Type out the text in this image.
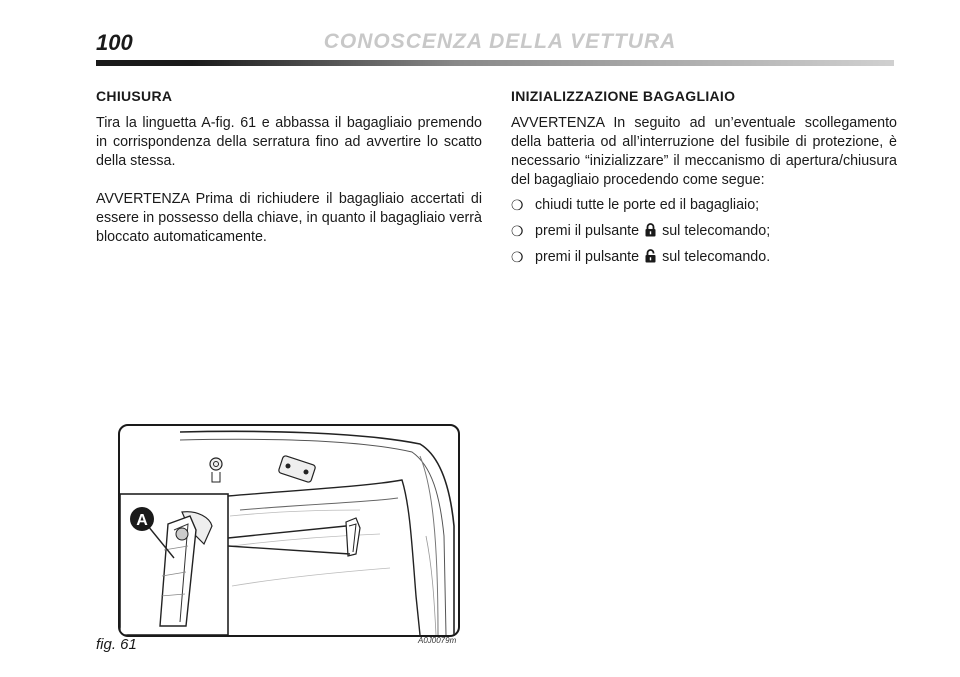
100	CONOSCENZA DELLA VETTURA
CHIUSURA

Tira la linguetta A-fig. 61 e abbassa il bagagliaio premendo in corrispondenza della serratura fino ad avvertire lo scatto della stessa.

AVVERTENZA Prima di richiudere il bagagliaio accertati di essere in possesso della chiave, in quanto il bagagliaio verrà bloccato automaticamente.

INIZIALIZZAZIONE BAGAGLIAIO

AVVERTENZA In seguito ad un’eventuale scollegamento della batteria od all’interruzione del fusibile di protezione, è necessario “inizializzare” il meccanismo di apertura/chiusura del bagagliaio procedendo come segue:

❍ chiudi tutte le porte ed il bagagliaio;
❍ premi il pulsante sul telecomando;
❍ premi il pulsante sul telecomando.
A
fig. 61	A0J0079m
